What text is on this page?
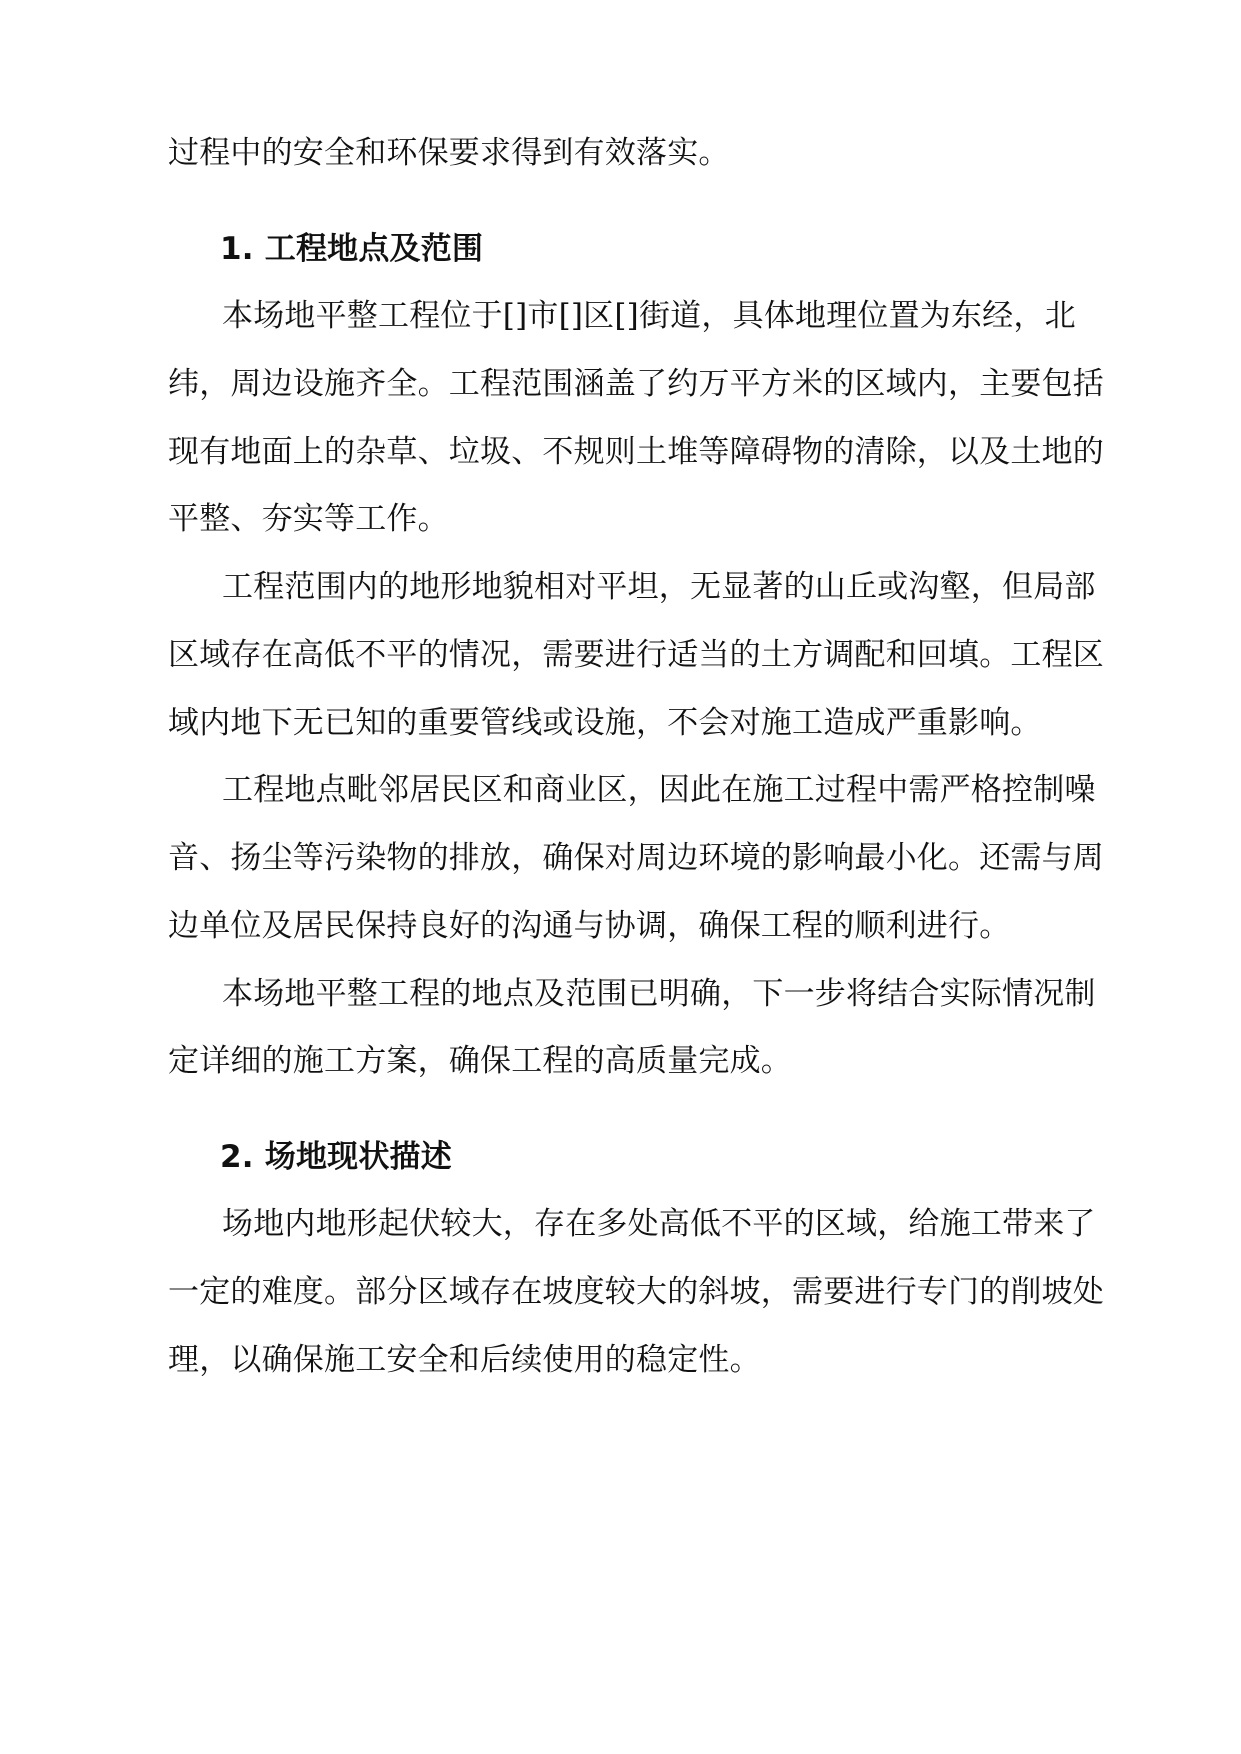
过程中的安全和环保要求得到有效落实。
1. 工程地点及范围
本场地平整工程位于[]市[]区[]街道，具体地理位置为东经，北
纬，周边设施齐全。工程范围涵盖了约万平方米的区域内，主要包括
现有地面上的杂草、垃圾、不规则土堆等障碍物的清除，以及土地的
平整、夯实等工作。
工程范围内的地形地貌相对平坦，无显著的山丘或沟壑，但局部
区域存在高低不平的情况，需要进行适当的土方调配和回填。工程区
域内地下无已知的重要管线或设施，不会对施工造成严重影响。
工程地点毗邻居民区和商业区，因此在施工过程中需严格控制噪
音、扬尘等污染物的排放，确保对周边环境的影响最小化。还需与周
边单位及居民保持良好的沟通与协调，确保工程的顺利进行。
本场地平整工程的地点及范围已明确，下一步将结合实际情况制
定详细的施工方案，确保工程的高质量完成。
2. 场地现状描述
场地内地形起伏较大，存在多处高低不平的区域，给施工带来了
一定的难度。部分区域存在坡度较大的斜坡，需要进行专门的削坡处
理，以确保施工安全和后续使用的稳定性。
